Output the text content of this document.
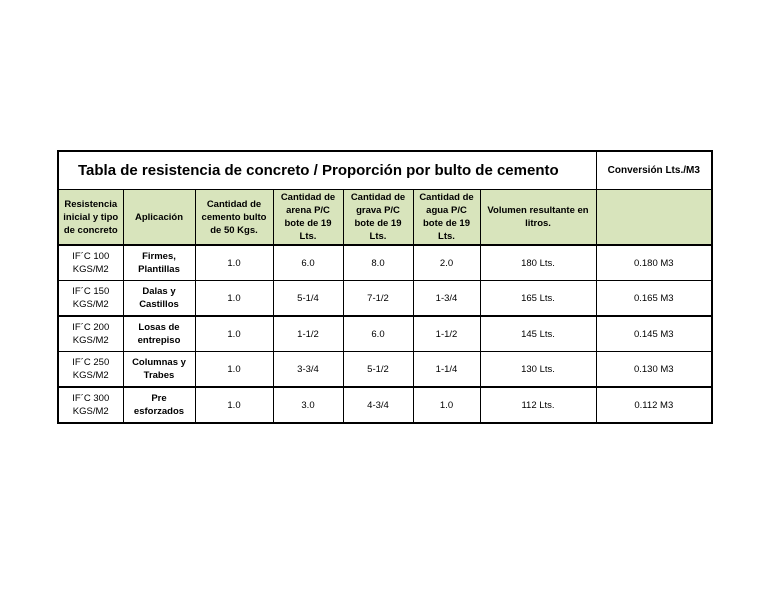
Tabla de resistencia de concreto / Proporción por bulto de cemento							Conversión Lts./M3
Resistencia inicial y tipo de concreto	Aplicación	Cantidad de cemento bulto de 50 Kgs.	Cantidad de arena P/C bote de 19 Lts.	Cantidad de grava P/C bote de 19 Lts.	Cantidad de agua P/C bote de 19 Lts.	Volumen resultante en litros.	
IF´C 100 KGS/M2	Firmes, Plantillas	1.0	6.0	8.0	2.0	180 Lts.	0.180 M3
IF´C 150 KGS/M2	Dalas y Castillos	1.0	5-1/4	7-1/2	1-3/4	165 Lts.	0.165 M3
IF´C 200 KGS/M2	Losas de entrepiso	1.0	1-1/2	6.0	1-1/2	145 Lts.	0.145 M3
IF´C 250 KGS/M2	Columnas y Trabes	1.0	3-3/4	5-1/2	1-1/4	130 Lts.	0.130 M3
IF´C 300 KGS/M2	Pre esforzados	1.0	3.0	4-3/4	1.0	112 Lts.	0.112 M3
